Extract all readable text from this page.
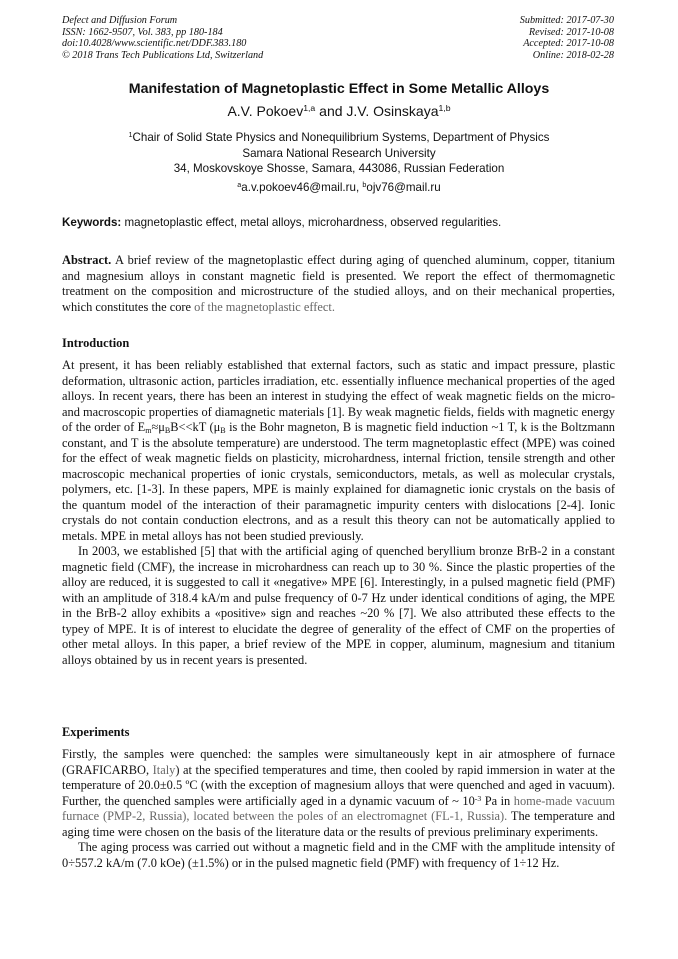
Defect and Diffusion Forum
ISSN: 1662-9507, Vol. 383, pp 180-184
doi:10.4028/www.scientific.net/DDF.383.180
© 2018 Trans Tech Publications Ltd, Switzerland
Submitted: 2017-07-30
Revised: 2017-10-08
Accepted: 2017-10-08
Online: 2018-02-28
Manifestation of Magnetoplastic Effect in Some Metallic Alloys
A.V. Pokoev$^{1,a}$ and J.V. Osinskaya$^{1,b}$
$^1$Chair of Solid State Physics and Nonequilibrium Systems, Department of Physics
Samara National Research University
34, Moskovskoye Shosse, Samara, 443086, Russian Federation
$^a$a.v.pokoev46@mail.ru, $^b$ojv76@mail.ru
Keywords: magnetoplastic effect, metal alloys, microhardness, observed regularities.

Abstract. A brief review of the magnetoplastic effect during aging of quenched aluminum, copper, titanium and magnesium alloys in constant magnetic field is presented. We report the effect of thermomagnetic treatment on the composition and microstructure of the studied alloys, and on their mechanical properties, which constitutes the core of the magnetoplastic effect.

Introduction

At present, it has been reliably established that external factors, such as static and impact pressure, plastic deformation, ultrasonic action, particles irradiation, etc. essentially influence mechanical properties of the aged alloys. In recent years, there has been an interest in studying the effect of weak magnetic fields on the micro- and macroscopic properties of diamagnetic materials [1]. By weak magnetic fields, fields with magnetic energy of the order of $E_m\approx\mu_BB<<kT$ ($\mu_B$ is the Bohr magneton, B is magnetic field induction ~1 T, k is the Boltzmann constant, and T is the absolute temperature) are understood. The term magnetoplastic effect (MPE) was coined for the effect of weak magnetic fields on plasticity, microhardness, internal friction, tensile strength and other macroscopic mechanical properties of ionic crystals, semiconductors, metals, as well as molecular crystals, polymers, etc. [1-3]. In these papers, MPE is mainly explained for diamagnetic ionic crystals on the basis of the quantum model of the interaction of their paramagnetic impurity centers with dislocations [2-4]. Ionic crystals do not contain conduction electrons, and as a result this theory can not be automatically applied to metals. MPE in metal alloys has not been studied previously.

In 2003, we established [5] that with the artificial aging of quenched beryllium bronze BrB-2 in a constant magnetic field (CMF), the increase in microhardness can reach up to 30 %. Since the plastic properties of the alloy are reduced, it is suggested to call it «negative» MPE [6]. Interestingly, in a pulsed magnetic field (PMF) with an amplitude of 318.4 kA/m and pulse frequency of 0-7 Hz under identical conditions of aging, the MPE in the BrB-2 alloy exhibits a «positive» sign and reaches ~20 % [7]. We also attributed these effects to the typey of MPE. It is of interest to elucidate the degree of generality of the effect of CMF on the properties of other metal alloys. In this paper, a brief review of the MPE in copper, aluminum, magnesium and titanium alloys obtained by us in recent years is presented.

Experiments

Firstly, the samples were quenched: the samples were simultaneously kept in air atmosphere of furnace (GRAFICARBO, Italy) at the specified temperatures and time, then cooled by rapid immersion in water at the temperature of 20.0±0.5 ºC (with the exception of magnesium alloys that were quenched and aged in vacuum). Further, the quenched samples were artificially aged in a dynamic vacuum of ~ $10^{-3}$ Pa in home-made vacuum furnace (PMP-2, Russia), located between the poles of an electromagnet (FL-1, Russia). The temperature and aging time were chosen on the basis of the literature data or the results of previous preliminary experiments.

The aging process was carried out without a magnetic field and in the CMF with the amplitude intensity of 0÷557.2 kA/m (7.0 kOe) (±1.5%) or in the pulsed magnetic field (PMF) with frequency of 1÷12 Hz.
